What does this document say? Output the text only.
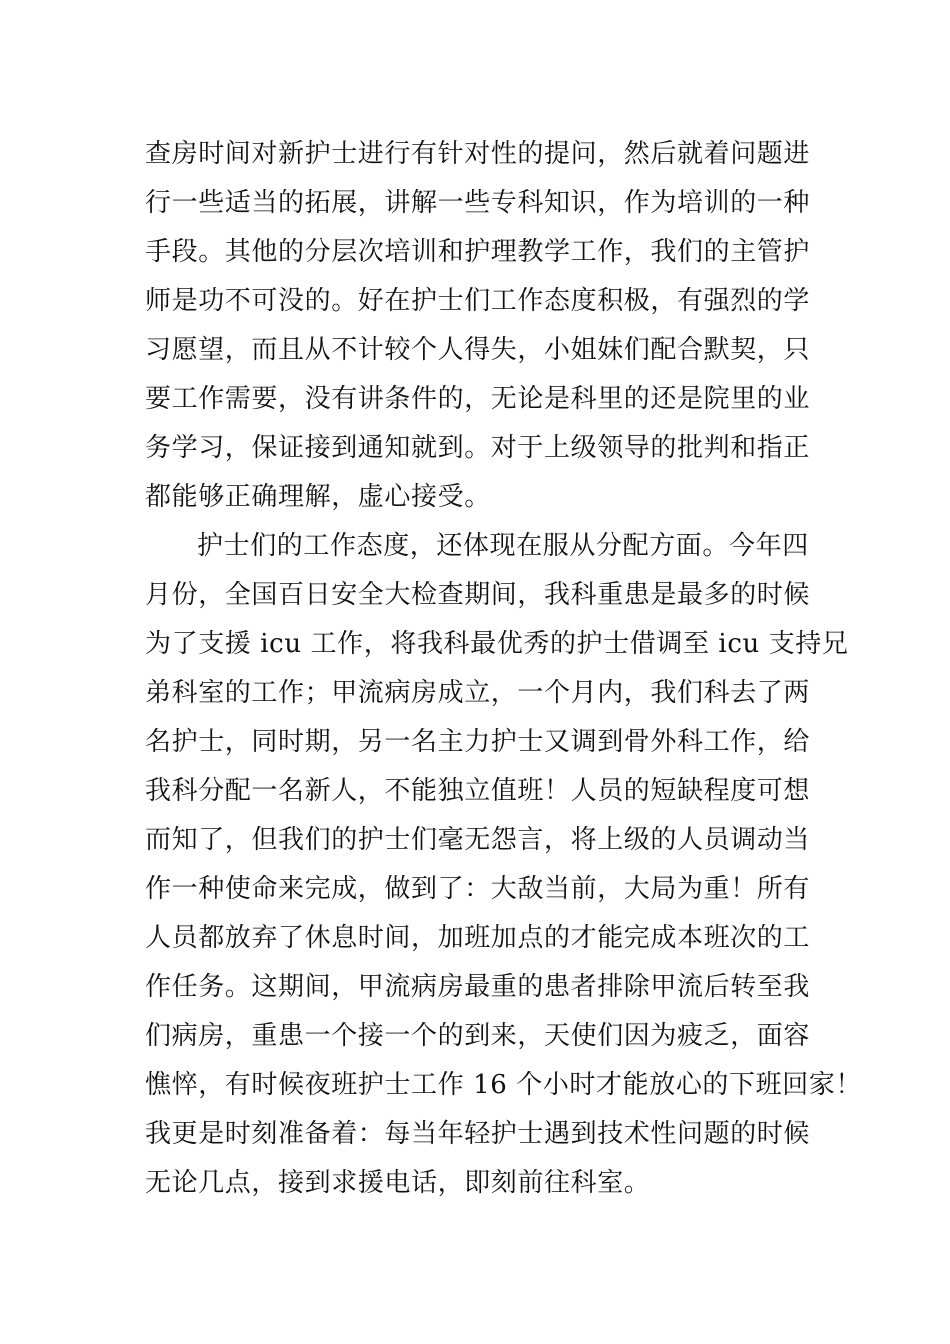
查房时间对新护士进行有针对性的提问，然后就着问题进
行一些适当的拓展，讲解一些专科知识，作为培训的一种
手段。其他的分层次培训和护理教学工作，我们的主管护
师是功不可没的。好在护士们工作态度积极，有强烈的学
习愿望，而且从不计较个人得失，小姐妹们配合默契，只
要工作需要，没有讲条件的，无论是科里的还是院里的业
务学习，保证接到通知就到。对于上级领导的批判和指正
都能够正确理解，虚心接受。
护士们的工作态度，还体现在服从分配方面。今年四
月份，全国百日安全大检查期间，我科重患是最多的时候
为了支援 icu 工作，将我科最优秀的护士借调至 icu 支持兄
弟科室的工作；甲流病房成立，一个月内，我们科去了两
名护士，同时期，另一名主力护士又调到骨外科工作，给
我科分配一名新人，不能独立值班！人员的短缺程度可想
而知了，但我们的护士们毫无怨言，将上级的人员调动当
作一种使命来完成，做到了：大敌当前，大局为重！所有
人员都放弃了休息时间，加班加点的才能完成本班次的工
作任务。这期间，甲流病房最重的患者排除甲流后转至我
们病房，重患一个接一个的到来，天使们因为疲乏，面容
憔悴，有时候夜班护士工作 16 个小时才能放心的下班回家！
我更是时刻准备着：每当年轻护士遇到技术性问题的时候
无论几点，接到求援电话，即刻前往科室。
